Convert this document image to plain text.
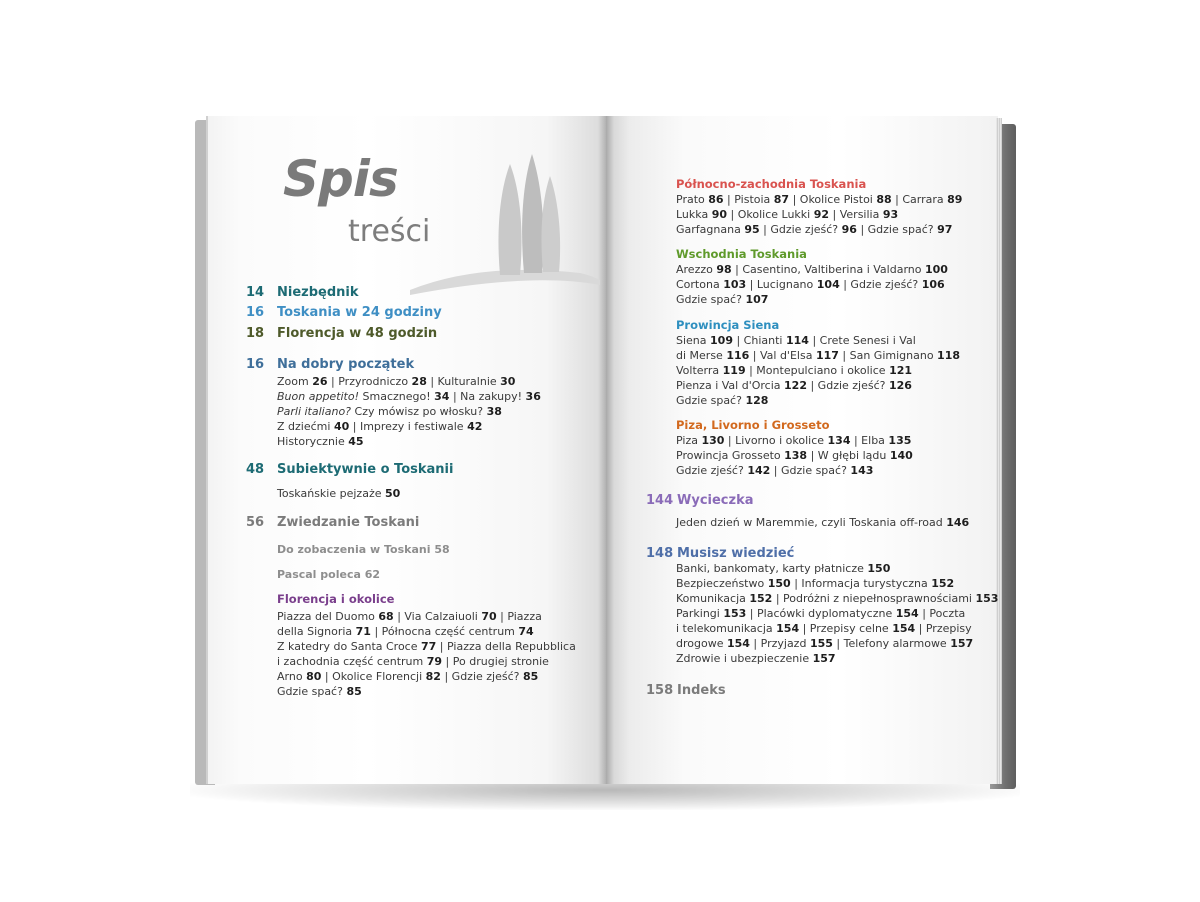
Spis
treści
14 Niezbędnik
16 Toskania w 24 godziny
18 Florencja w 48 godzin
16 Na dobry początek
Zoom 26 | Przyrodniczo 28 | Kulturalnie 30
Buon appetito! Smacznego! 34 | Na zakupy! 36
Parli italiano? Czy mówisz po włosku? 38
Z dziećmi 40 | Imprezy i festiwale 42
Historycznie 45
48 Subiektywnie o Toskanii
Toskańskie pejzaże 50
56 Zwiedzanie Toskani
Do zobaczenia w Toskani 58
Pascal poleca 62
Florencja i okolice
Piazza del Duomo 68 | Via Calzaiuoli 70 | Piazza
della Signoria 71 | Północna część centrum 74
Z katedry do Santa Croce 77 | Piazza della Repubblica
i zachodnia część centrum 79 | Po drugiej stronie
Arno 80 | Okolice Florencji 82 | Gdzie zjeść? 85
Gdzie spać? 85
Północno-zachodnia Toskania
Prato 86 | Pistoia 87 | Okolice Pistoi 88 | Carrara 89
Lukka 90 | Okolice Lukki 92 | Versilia 93
Garfagnana 95 | Gdzie zjeść? 96 | Gdzie spać? 97
Wschodnia Toskania
Arezzo 98 | Casentino, Valtiberina i Valdarno 100
Cortona 103 | Lucignano 104 | Gdzie zjeść? 106
Gdzie spać? 107
Prowincja Siena
Siena 109 | Chianti 114 | Crete Senesi i Val
di Merse 116 | Val d'Elsa 117 | San Gimignano 118
Volterra 119 | Montepulciano i okolice 121
Pienza i Val d'Orcia 122 | Gdzie zjeść? 126
Gdzie spać? 128
Piza, Livorno i Grosseto
Piza 130 | Livorno i okolice 134 | Elba 135
Prowincja Grosseto 138 | W głębi lądu 140
Gdzie zjeść? 142 | Gdzie spać? 143
144 Wycieczka
Jeden dzień w Maremmie, czyli Toskania off-road 146
148 Musisz wiedzieć
Banki, bankomaty, karty płatnicze 150
Bezpieczeństwo 150 | Informacja turystyczna 152
Komunikacja 152 | Podróżni z niepełnosprawnościami 153
Parkingi 153 | Placówki dyplomatyczne 154 | Poczta
i telekomunikacja 154 | Przepisy celne 154 | Przepisy
drogowe 154 | Przyjazd 155 | Telefony alarmowe 157
Zdrowie i ubezpieczenie 157
158 Indeks
